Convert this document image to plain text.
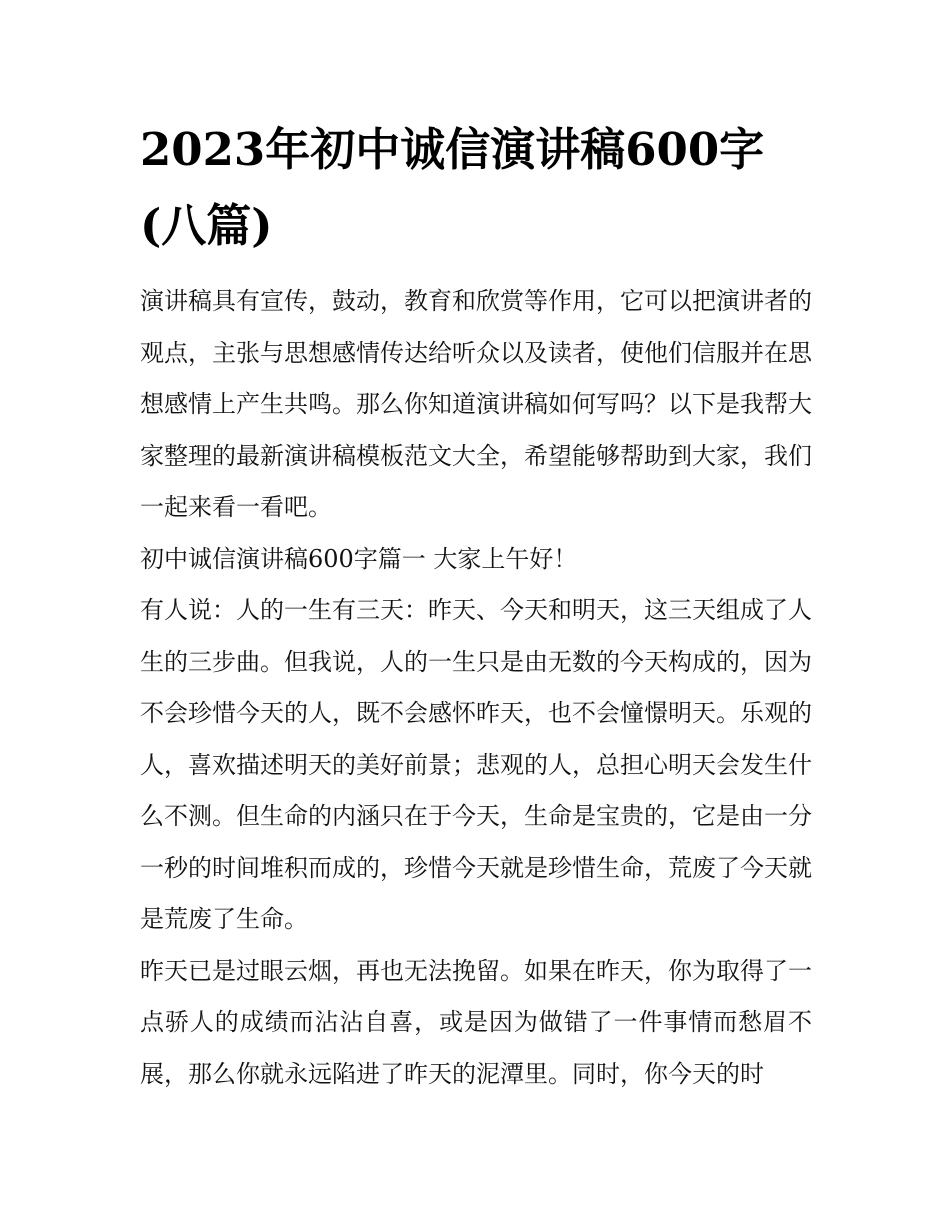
2023年初中诚信演讲稿600字(八篇)

演讲稿具有宣传，鼓动，教育和欣赏等作用，它可以把演讲者的观点，主张与思想感情传达给听众以及读者，使他们信服并在思想感情上产生共鸣。那么你知道演讲稿如何写吗？以下是我帮大家整理的最新演讲稿模板范文大全，希望能够帮助到大家，我们一起来看一看吧。

初中诚信演讲稿600字篇一 大家上午好！

有人说：人的一生有三天：昨天、今天和明天，这三天组成了人生的三步曲。但我说，人的一生只是由无数的今天构成的，因为不会珍惜今天的人，既不会感怀昨天，也不会憧憬明天。乐观的人，喜欢描述明天的美好前景；悲观的人，总担心明天会发生什么不测。但生命的内涵只在于今天，生命是宝贵的，它是由一分一秒的时间堆积而成的，珍惜今天就是珍惜生命，荒废了今天就是荒废了生命。

昨天已是过眼云烟，再也无法挽留。如果在昨天，你为取得了一点骄人的成绩而沾沾自喜，或是因为做错了一件事情而愁眉不展，那么你就永远陷进了昨天的泥潭里。同时，你今天的时
